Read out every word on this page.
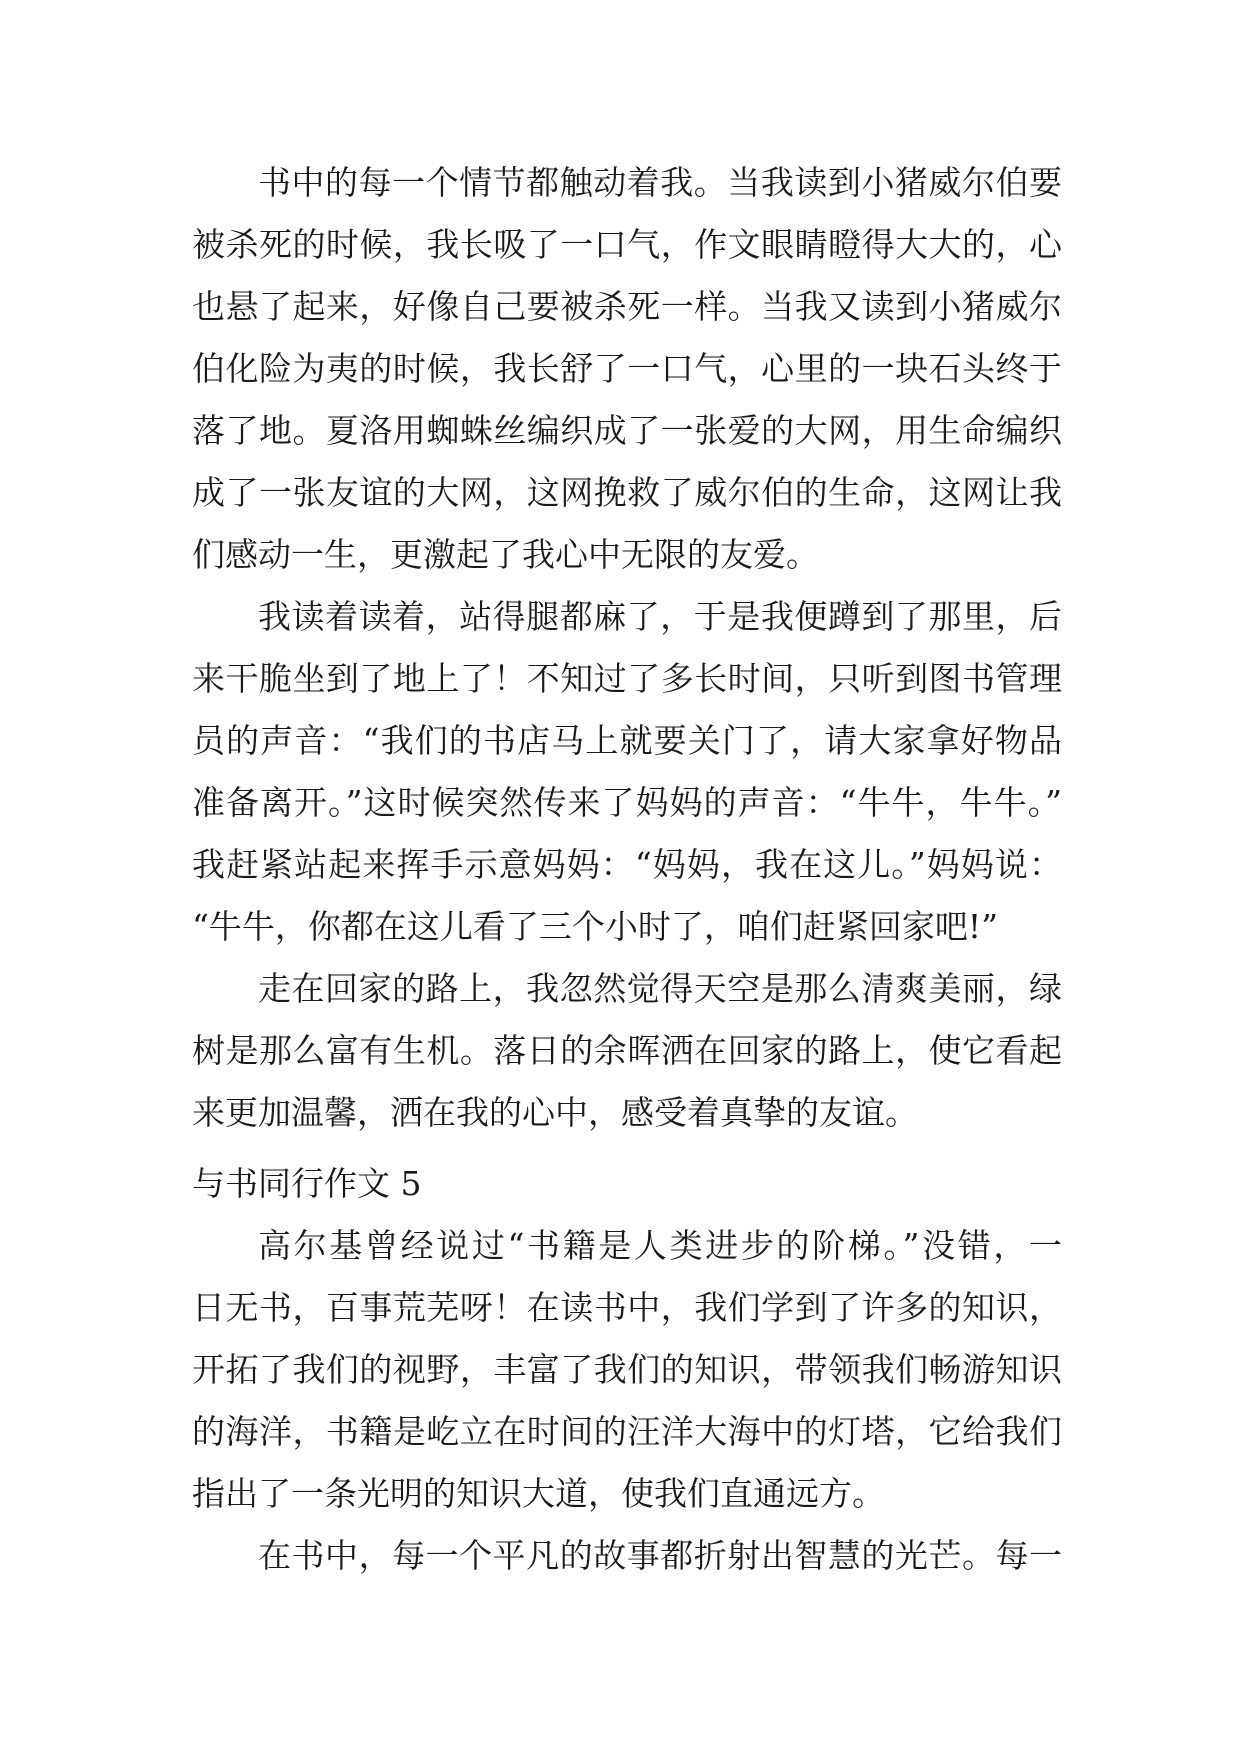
书中的每一个情节都触动着我。当我读到小猪威尔伯要
被杀死的时候，我长吸了一口气，作文眼睛瞪得大大的，心
也悬了起来，好像自己要被杀死一样。当我又读到小猪威尔
伯化险为夷的时候，我长舒了一口气，心里的一块石头终于
落了地。夏洛用蜘蛛丝编织成了一张爱的大网，用生命编织
成了一张友谊的大网，这网挽救了威尔伯的生命，这网让我
们感动一生，更激起了我心中无限的友爱。
我读着读着，站得腿都麻了，于是我便蹲到了那里，后
来干脆坐到了地上了！不知过了多长时间，只听到图书管理
员的声音：“我们的书店马上就要关门了，请大家拿好物品
准备离开。”这时候突然传来了妈妈的声音：“牛牛，牛牛。”
我赶紧站起来挥手示意妈妈：“妈妈，我在这儿。”妈妈说：
“牛牛，你都在这儿看了三个小时了，咱们赶紧回家吧!”
走在回家的路上，我忽然觉得天空是那么清爽美丽，绿
树是那么富有生机。落日的余晖洒在回家的路上，使它看起
来更加温馨，洒在我的心中，感受着真挚的友谊。
与书同行作文 5
高尔基曾经说过“书籍是人类进步的阶梯。”没错，一
日无书，百事荒芜呀！在读书中，我们学到了许多的知识，
开拓了我们的视野，丰富了我们的知识，带领我们畅游知识
的海洋，书籍是屹立在时间的汪洋大海中的灯塔，它给我们
指出了一条光明的知识大道，使我们直通远方。
在书中，每一个平凡的故事都折射出智慧的光芒。每一
